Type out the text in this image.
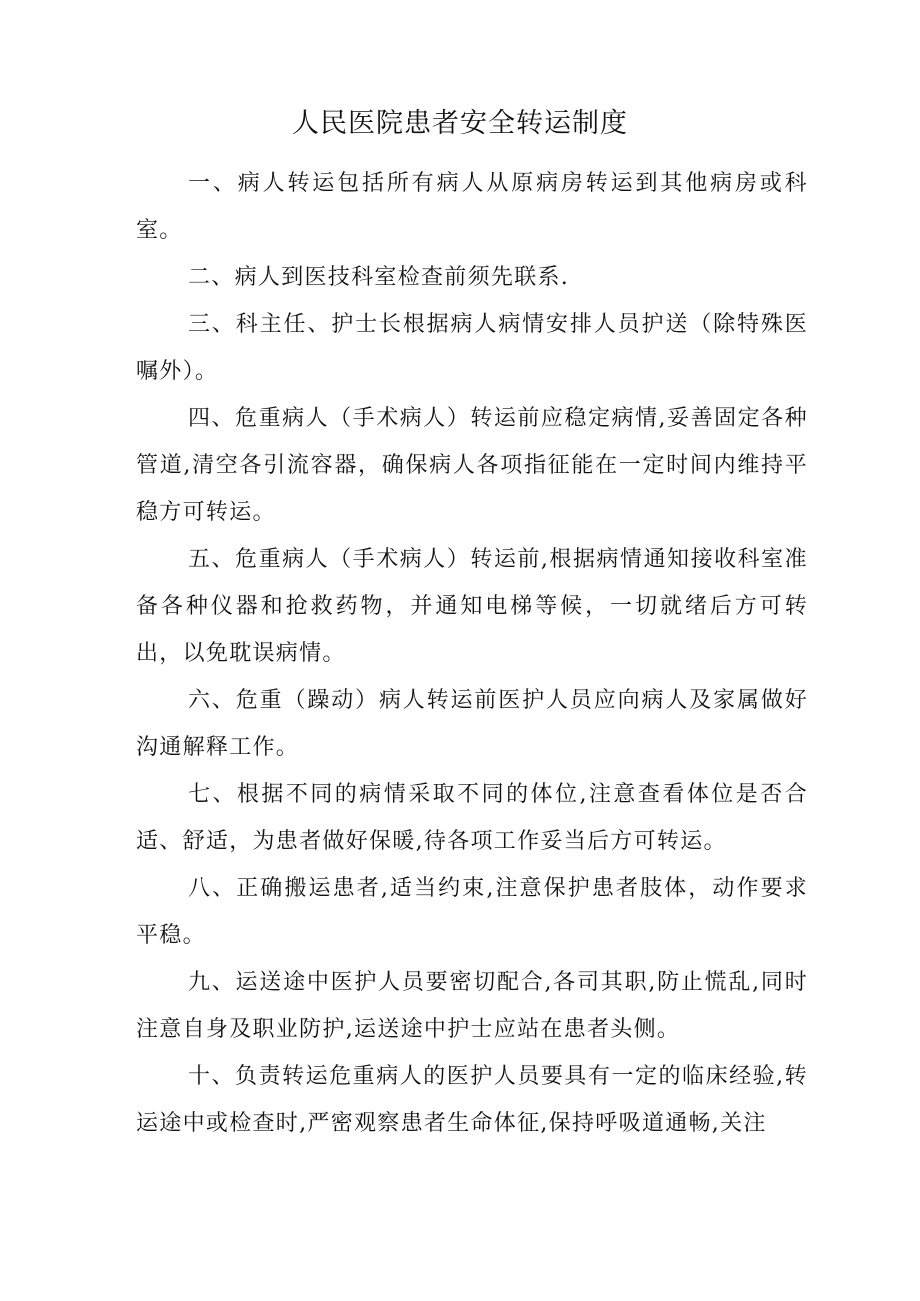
人民医院患者安全转运制度

一、病人转运包括所有病人从原病房转运到其他病房或科室。

二、病人到医技科室检查前须先联系.

三、科主任、护士长根据病人病情安排人员护送（除特殊医嘱外）。

四、危重病人（手术病人）转运前应稳定病情,妥善固定各种管道,清空各引流容器，确保病人各项指征能在一定时间内维持平稳方可转运。

五、危重病人（手术病人）转运前,根据病情通知接收科室准备各种仪器和抢救药物，并通知电梯等候，一切就绪后方可转出，以免耽误病情。

六、危重（躁动）病人转运前医护人员应向病人及家属做好沟通解释工作。

七、根据不同的病情采取不同的体位,注意查看体位是否合适、舒适，为患者做好保暖,待各项工作妥当后方可转运。

八、正确搬运患者,适当约束,注意保护患者肢体，动作要求平稳。

九、运送途中医护人员要密切配合,各司其职,防止慌乱,同时注意自身及职业防护,运送途中护士应站在患者头侧。

十、负责转运危重病人的医护人员要具有一定的临床经验,转运途中或检查时,严密观察患者生命体征,保持呼吸道通畅,关注
